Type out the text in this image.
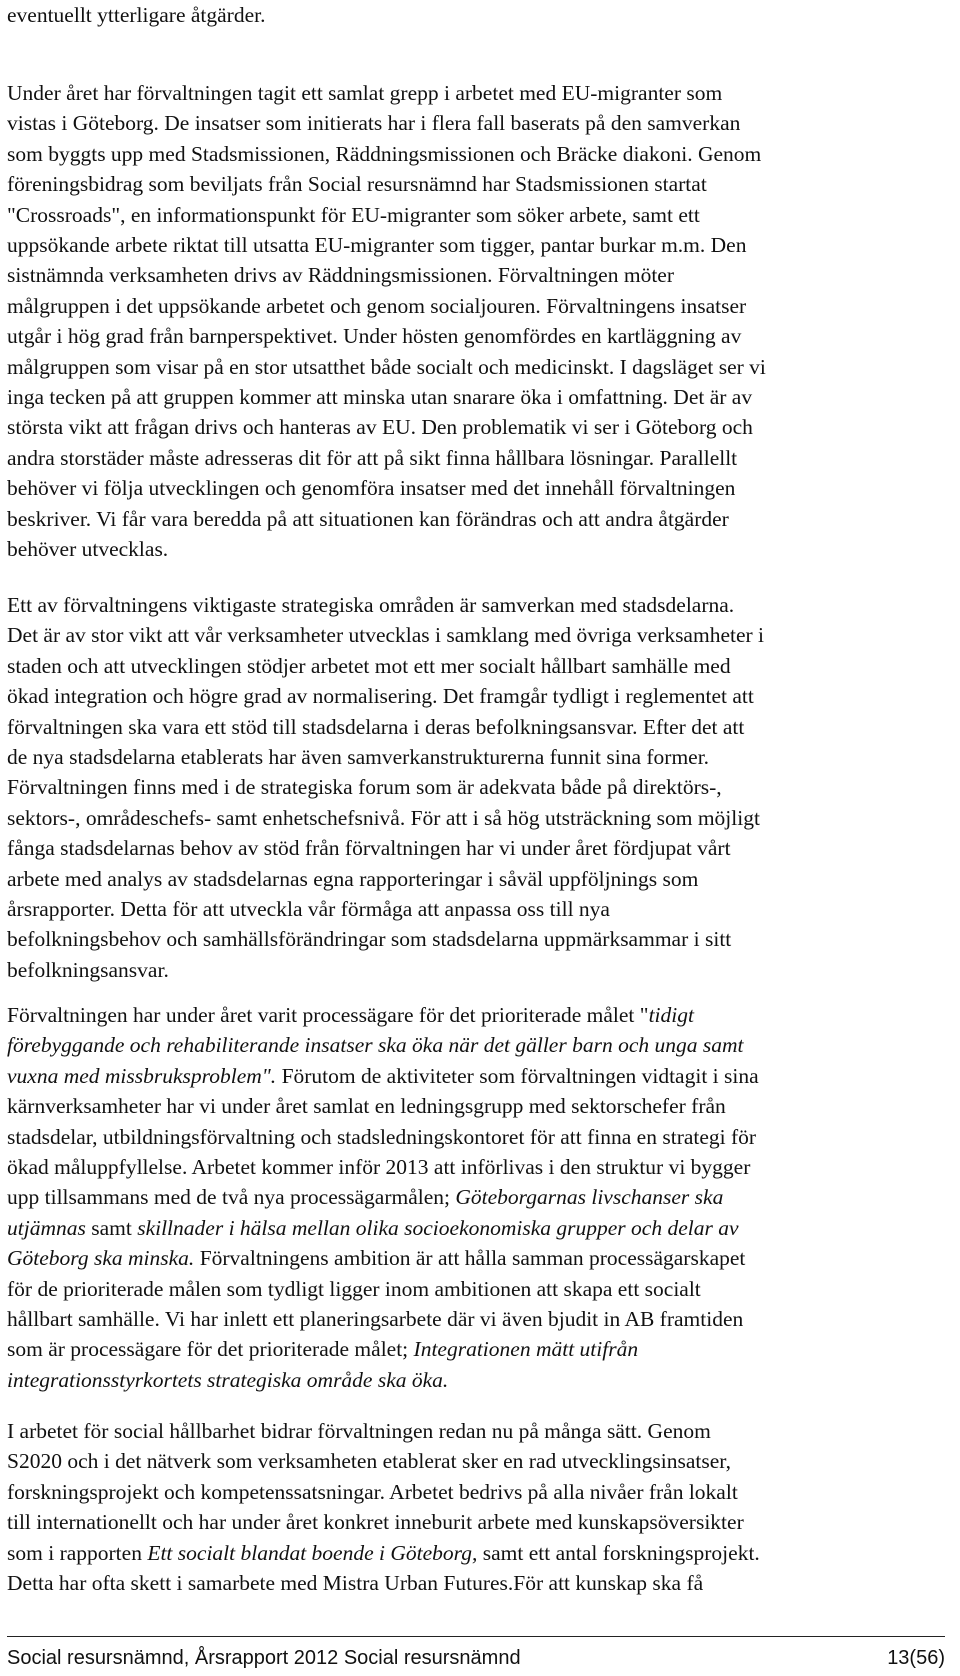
eventuellt ytterligare åtgärder.
Under året har förvaltningen tagit ett samlat grepp i arbetet med EU-migranter som
vistas i Göteborg. De insatser som initierats har i flera fall baserats på den samverkan
som byggts upp med Stadsmissionen, Räddningsmissionen och Bräcke diakoni. Genom
föreningsbidrag som beviljats från Social resursnämnd har Stadsmissionen startat
"Crossroads", en informationspunkt för EU-migranter som söker arbete, samt ett
uppsökande arbete riktat till utsatta EU-migranter som tigger, pantar burkar m.m. Den
sistnämnda verksamheten drivs av Räddningsmissionen. Förvaltningen möter
målgruppen i det uppsökande arbetet och genom socialjouren. Förvaltningens insatser
utgår i hög grad från barnperspektivet. Under hösten genomfördes en kartläggning av
målgruppen som visar på en stor utsatthet både socialt och medicinskt. I dagsläget ser vi
inga tecken på att gruppen kommer att minska utan snarare öka i omfattning. Det är av
största vikt att frågan drivs och hanteras av EU. Den problematik vi ser i Göteborg och
andra storstäder måste adresseras dit för att på sikt finna hållbara lösningar. Parallellt
behöver vi följa utvecklingen och genomföra insatser med det innehåll förvaltningen
beskriver. Vi får vara beredda på att situationen kan förändras och att andra åtgärder
behöver utvecklas.
Ett av förvaltningens viktigaste strategiska områden är samverkan med stadsdelarna.
Det är av stor vikt att vår verksamheter utvecklas i samklang med övriga verksamheter i
staden och att utvecklingen stödjer arbetet mot ett mer socialt hållbart samhälle med
ökad integration och högre grad av normalisering. Det framgår tydligt i reglementet att
förvaltningen ska vara ett stöd till stadsdelarna i deras befolkningsansvar. Efter det att
de nya stadsdelarna etablerats har även samverkanstrukturerna funnit sina former.
Förvaltningen finns med i de strategiska forum som är adekvata både på direktörs-,
sektors-, områdeschefs- samt enhetschefsnivå. För att i så hög utsträckning som möjligt
fånga stadsdelarnas behov av stöd från förvaltningen har vi under året fördjupat vårt
arbete med analys av stadsdelarnas egna rapporteringar i såväl uppföljnings som
årsrapporter. Detta för att utveckla vår förmåga att anpassa oss till nya
befolkningsbehov och samhällsförändringar som stadsdelarna uppmärksammar i sitt
befolkningsansvar.
Förvaltningen har under året varit processägare för det prioriterade målet "tidigt
förebyggande och rehabiliterande insatser ska öka när det gäller barn och unga samt
vuxna med missbruksproblem". Förutom de aktiviteter som förvaltningen vidtagit i sina
kärnverksamheter har vi under året samlat en ledningsgrupp med sektorschefer från
stadsdelar, utbildningsförvaltning och stadsledningskontoret för att finna en strategi för
ökad måluppfyllelse. Arbetet kommer inför 2013 att införlivas i den struktur vi bygger
upp tillsammans med de två nya processägarmålen; Göteborgarnas livschanser ska
utjämnas samt skillnader i hälsa mellan olika socioekonomiska grupper och delar av
Göteborg ska minska. Förvaltningens ambition är att hålla samman processägarskapet
för de prioriterade målen som tydligt ligger inom ambitionen att skapa ett socialt
hållbart samhälle. Vi har inlett ett planeringsarbete där vi även bjudit in AB framtiden
som är processägare för det prioriterade målet; Integrationen mätt utifrån
integrationsstyrkortets strategiska område ska öka.
I arbetet för social hållbarhet bidrar förvaltningen redan nu på många sätt. Genom
S2020 och i det nätverk som verksamheten etablerat sker en rad utvecklingsinsatser,
forskningsprojekt och kompetenssatsningar. Arbetet bedrivs på alla nivåer från lokalt
till internationellt och har under året konkret inneburit arbete med kunskapsöversikter
som i rapporten Ett socialt blandat boende i Göteborg, samt ett antal forskningsprojekt.
Detta har ofta skett i samarbete med Mistra Urban Futures.För att kunskap ska få
Social resursnämnd, Årsrapport 2012 Social resursnämnd	13(56)
